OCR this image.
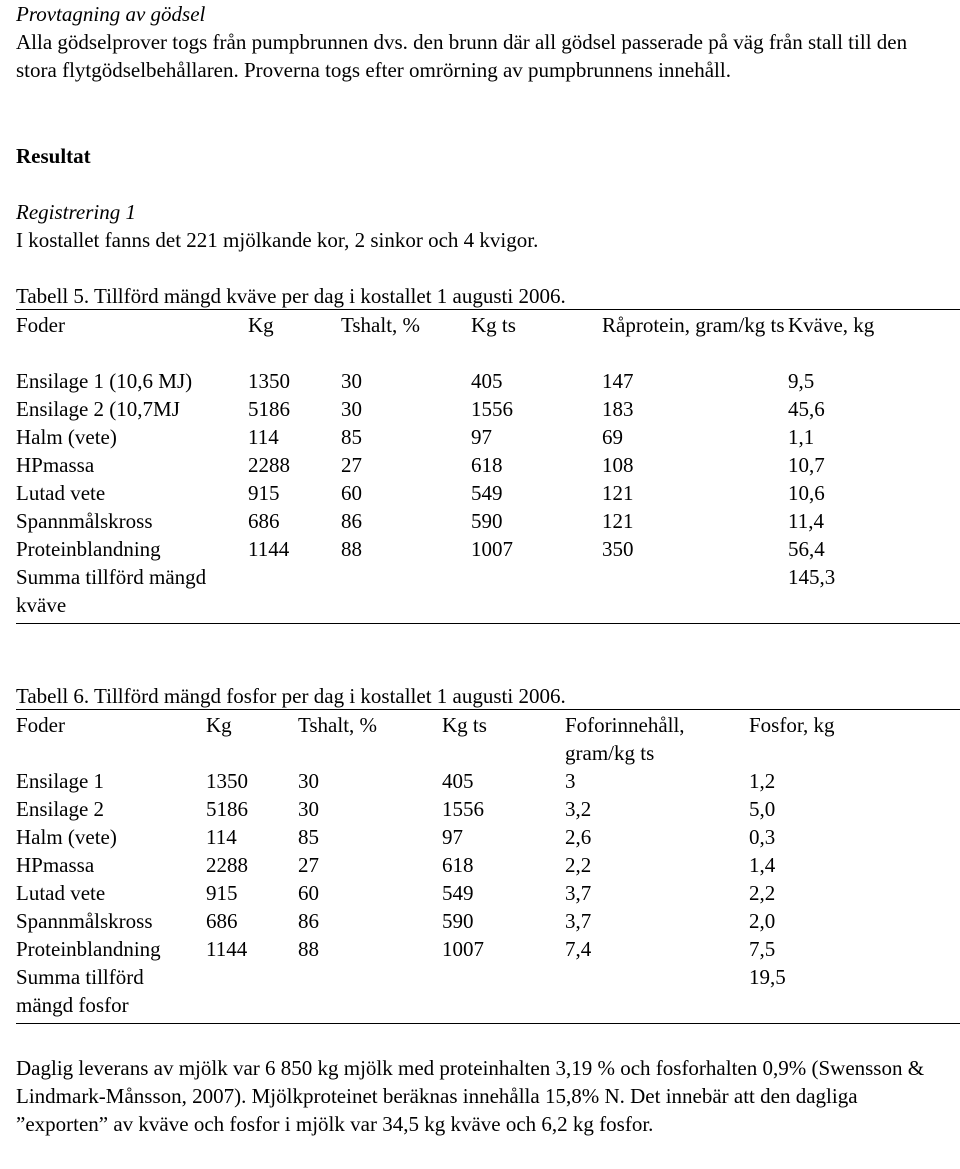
Provtagning av gödsel

Alla gödselprover togs från pumpbrunnen dvs. den brunn där all gödsel passerade på väg från stall till den stora flytgödselbehållaren. Proverna togs efter omrörning av pumpbrunnens innehåll.

Resultat
Registrering 1
I kostallet fanns det 221 mjölkande kor, 2 sinkor och 4 kvigor.
Tabell 5. Tillförd mängd kväve per dag i kostallet 1 augusti 2006.
Foder	Kg	Tshalt, %	Kg ts	Råprotein, gram/kg ts	Kväve, kg
Ensilage 1 (10,6 MJ)	1350	30	405	147	9,5
Ensilage 2 (10,7MJ	5186	30	1556	183	45,6
Halm (vete)	114	85	97	69	1,1
HPmassa	2288	27	618	108	10,7
Lutad vete	915	60	549	121	10,6
Spannmålskross	686	86	590	121	11,4
Proteinblandning	1144	88	1007	350	56,4
Summa tillförd mängd kväve					145,3
Tabell 6. Tillförd mängd fosfor per dag i kostallet 1 augusti 2006.
Foder	Kg	Tshalt, %	Kg ts	Foforinnehåll, gram/kg ts	Fosfor, kg
Ensilage 1	1350	30	405	3	1,2
Ensilage 2	5186	30	1556	3,2	5,0
Halm (vete)	114	85	97	2,6	0,3
HPmassa	2288	27	618	2,2	1,4
Lutad vete	915	60	549	3,7	2,2
Spannmålskross	686	86	590	3,7	2,0
Proteinblandning	1144	88	1007	7,4	7,5
Summa tillförd mängd fosfor					19,5

Daglig leverans av mjölk var 6 850 kg mjölk med proteinhalten 3,19 % och fosforhalten 0,9% (Swensson & Lindmark-Månsson, 2007). Mjölkproteinet beräknas innehålla 15,8% N. Det innebär att den dagliga ”exporten” av kväve och fosfor i mjölk var 34,5 kg kväve och 6,2 kg fosfor.
